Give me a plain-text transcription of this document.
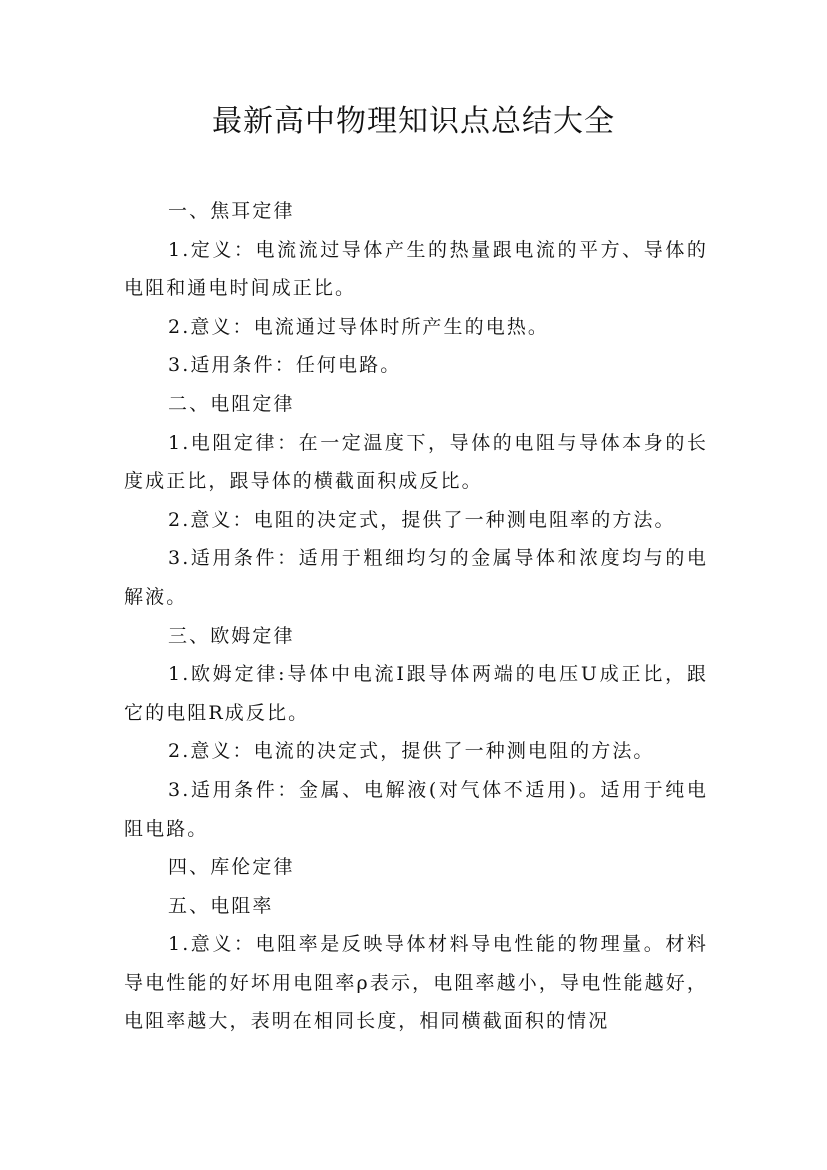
最新高中物理知识点总结大全

一、焦耳定律

1.定义：电流流过导体产生的热量跟电流的平方、导体的电阻和通电时间成正比。

2.意义：电流通过导体时所产生的电热。

3.适用条件：任何电路。

二、电阻定律

1.电阻定律：在一定温度下，导体的电阻与导体本身的长度成正比，跟导体的横截面积成反比。

2.意义：电阻的决定式，提供了一种测电阻率的方法。

3.适用条件：适用于粗细均匀的金属导体和浓度均与的电解液。

三、欧姆定律

1.欧姆定律:导体中电流I跟导体两端的电压U成正比，跟它的电阻R成反比。

2.意义：电流的决定式，提供了一种测电阻的方法。

3.适用条件：金属、电解液(对气体不适用)。适用于纯电阻电路。

四、库伦定律

五、电阻率

1.意义：电阻率是反映导体材料导电性能的物理量。材料导电性能的好坏用电阻率ρ表示，电阻率越小，导电性能越好，电阻率越大，表明在相同长度，相同横截面积的情况
